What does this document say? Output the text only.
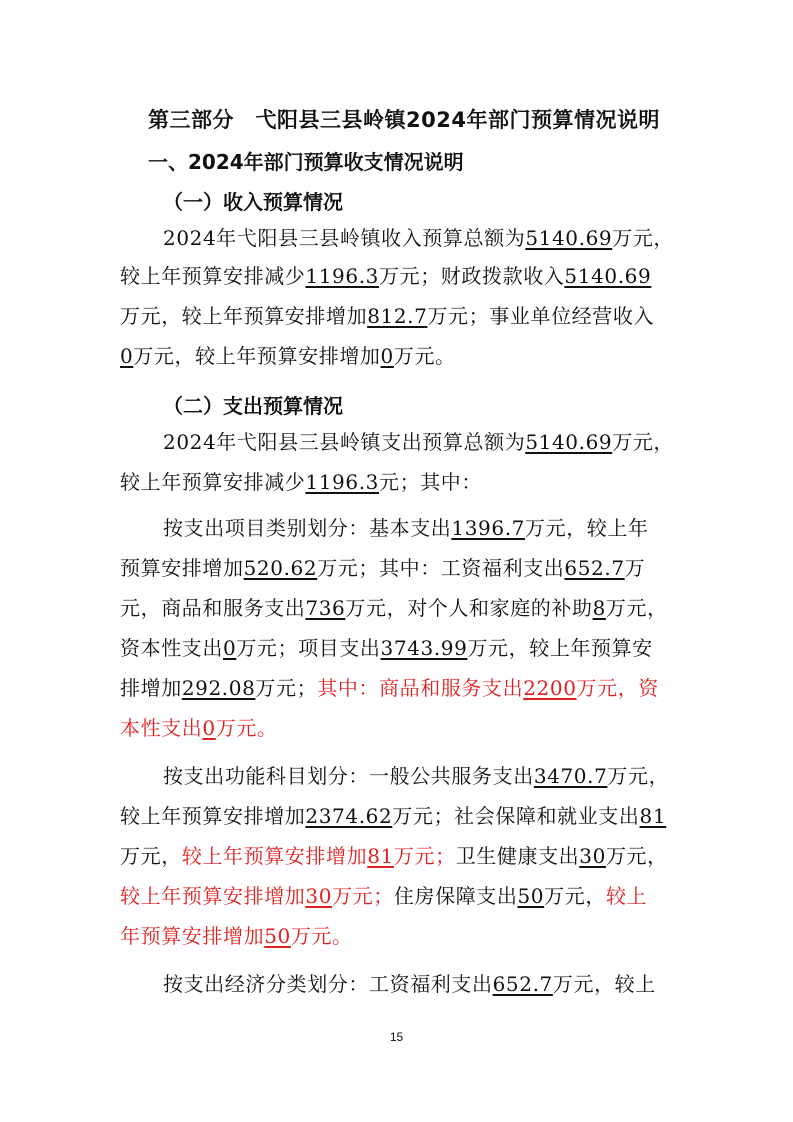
第三部分　弋阳县三县岭镇2024年部门预算情况说明
一、2024年部门预算收支情况说明
（一）收入预算情况
2024年弋阳县三县岭镇收入预算总额为5140.69万元，
较上年预算安排减少1196.3万元；财政拨款收入5140.69
万元，较上年预算安排增加812.7万元；事业单位经营收入
0万元，较上年预算安排增加0万元。
（二）支出预算情况
2024年弋阳县三县岭镇支出预算总额为5140.69万元，
较上年预算安排减少1196.3元；其中：
按支出项目类别划分：基本支出1396.7万元，较上年
预算安排增加520.62万元；其中：工资福利支出652.7万
元，商品和服务支出736万元，对个人和家庭的补助8万元，
资本性支出0万元；项目支出3743.99万元，较上年预算安
排增加292.08万元；其中：商品和服务支出2200万元，资
本性支出0万元。
按支出功能科目划分：一般公共服务支出3470.7万元，
较上年预算安排增加2374.62万元；社会保障和就业支出81
万元，较上年预算安排增加81万元；卫生健康支出30万元，
较上年预算安排增加30万元；住房保障支出50万元，较上
年预算安排增加50万元。
按支出经济分类划分：工资福利支出652.7万元，较上
15
